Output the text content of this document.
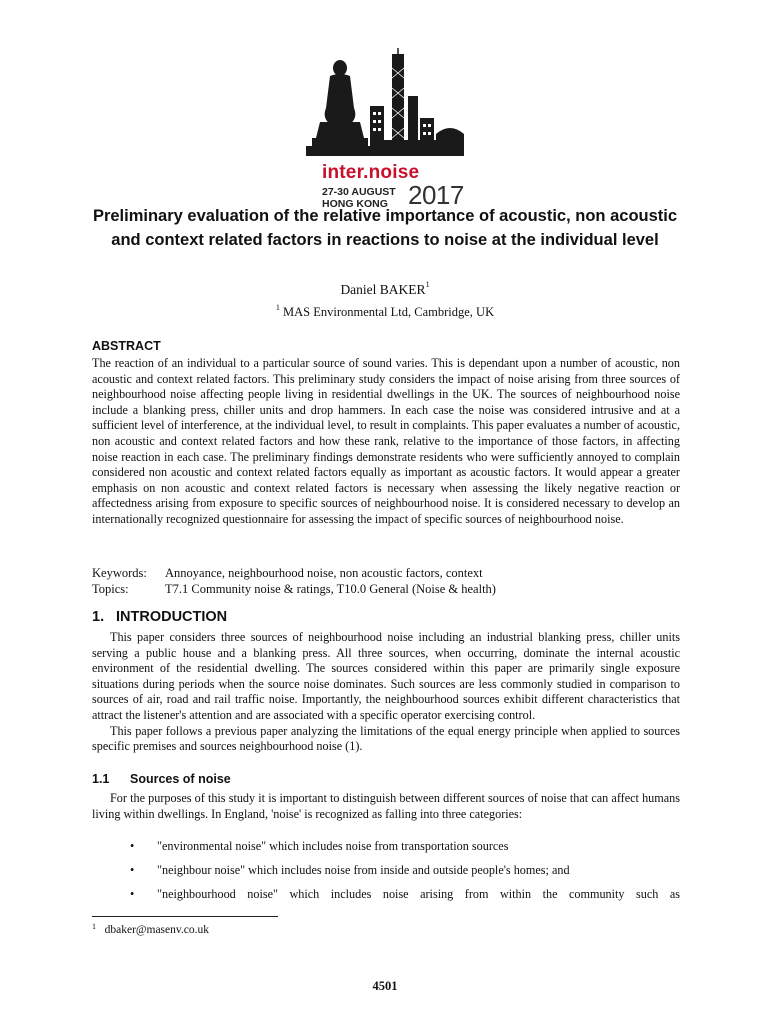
inter.noise
27-30 AUGUST
HONG KONG 2017
Preliminary evaluation of the relative importance of acoustic, non acoustic and context related factors in reactions to noise at the individual level
Daniel BAKER$^1$
$^1$ MAS Environmental Ltd, Cambridge, UK
ABSTRACT
The reaction of an individual to a particular source of sound varies. This is dependant upon a number of acoustic, non acoustic and context related factors. This preliminary study considers the impact of noise arising from three sources of neighbourhood noise affecting people living in residential dwellings in the UK. The sources of neighbourhood noise include a blanking press, chiller units and drop hammers. In each case the noise was considered intrusive and at a sufficient level of interference, at the individual level, to result in complaints. This paper evaluates a number of acoustic, non acoustic and context related factors and how these rank, relative to the importance of those factors, in affecting noise reaction in each case. The preliminary findings demonstrate residents who were sufficiently annoyed to complain considered non acoustic and context related factors equally as important as acoustic factors. It would appear a greater emphasis on non acoustic and context related factors is necessary when assessing the likely negative reaction or affectedness arising from exposure to specific sources of neighbourhood noise. It is considered necessary to develop an internationally recognized questionnaire for assessing the impact of specific sources of neighbourhood noise.
Keywords: Annoyance, neighbourhood noise, non acoustic factors, context
Topics:	T7.1 Community noise & ratings, T10.0 General (Noise & health)
1. INTRODUCTION

This paper considers three sources of neighbourhood noise including an industrial blanking press, chiller units serving a public house and a blanking press. All three sources, when occurring, dominate the internal acoustic environment of the residential dwelling. The sources considered within this paper are primarily single exposure situations during periods when the source noise dominates. Such sources are less commonly studied in comparison to sources of air, road and rail traffic noise. Importantly, the neighbourhood sources exhibit different characteristics that attract the listener's attention and are associated with a specific operator exercising control.

This paper follows a previous paper analyzing the limitations of the equal energy principle when applied to sources specific premises and sources neighbourhood noise (1).

1.1 Sources of noise

For the purposes of this study it is important to distinguish between different sources of noise that can affect humans living within dwellings. In England, 'noise' is recognized as falling into three categories:

• "environmental noise" which includes noise from transportation sources
• "neighbour noise" which includes noise from inside and outside people's homes; and
• "neighbourhood noise" which includes noise arising from within the community such as
$^1$ dbaker@masenv.co.uk
4501
